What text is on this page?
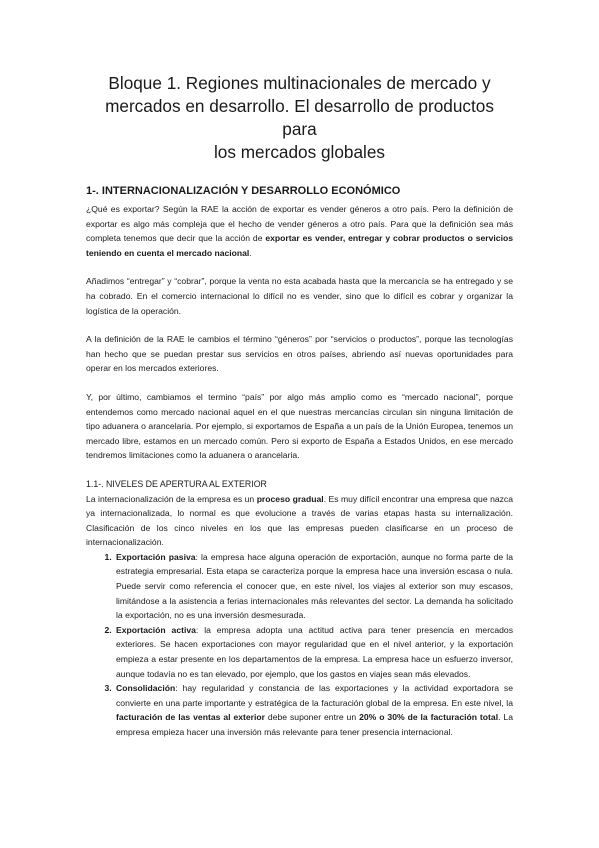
Bloque 1. Regiones multinacionales de mercado y
mercados en desarrollo. El desarrollo de productos para
los mercados globales
1-. INTERNACIONALIZACIÓN Y DESARROLLO ECONÓMICO

¿Qué es exportar? Según la RAE la acción de exportar es vender géneros a otro país. Pero la definición de exportar es algo más compleja que el hecho de vender géneros a otro país. Para que la definición sea más completa tenemos que decir que la acción de exportar es vender, entregar y cobrar productos o servicios teniendo en cuenta el mercado nacional.

Añadimos “entregar” y “cobrar”, porque la venta no esta acabada hasta que la mercancía se ha entregado y se ha cobrado. En el comercio internacional lo difícil no es vender, sino que lo difícil es cobrar y organizar la logística de la operación.

A la definición de la RAE le cambios el término “géneros” por “servicios o productos”, porque las tecnologías han hecho que se puedan prestar sus servicios en otros países, abriendo así nuevas oportunidades para operar en los mercados exteriores.

Y, por último, cambiamos el termino “país” por algo más amplio como es “mercado nacional”, porque entendemos como mercado nacional aquel en el que nuestras mercancías circulan sin ninguna limitación de tipo aduanera o arancelaria. Por ejemplo, si exportamos de España a un país de la Unión Europea, tenemos un mercado libre, estamos en un mercado común. Pero si exporto de España a Estados Unidos, en ese mercado tendremos limitaciones como la aduanera o arancelaria.

1.1-. NIVELES DE APERTURA AL EXTERIOR

La internacionalización de la empresa es un proceso gradual. Es muy difícil encontrar una empresa que nazca ya internacionalizada, lo normal es que evolucione a través de varias etapas hasta su internalización. Clasificación de los cinco niveles en los que las empresas pueden clasificarse en un proceso de internacionalización.

1. Exportación pasiva: la empresa hace alguna operación de exportación, aunque no forma parte de la estrategia empresarial. Esta etapa se caracteriza porque la empresa hace una inversión escasa o nula. Puede servir como referencia el conocer que, en este nivel, los viajes al exterior son muy escasos, limitándose a la asistencia a ferias internacionales más relevantes del sector. La demanda ha solicitado la exportación, no es una inversión desmesurada.
2. Exportación activa: la empresa adopta una actitud activa para tener presencia en mercados exteriores. Se hacen exportaciones con mayor regularidad que en el nivel anterior, y la exportación empieza a estar presente en los departamentos de la empresa. La empresa hace un esfuerzo inversor, aunque todavía no es tan elevado, por ejemplo, que los gastos en viajes sean más elevados.
3. Consolidación: hay regularidad y constancia de las exportaciones y la actividad exportadora se convierte en una parte importante y estratégica de la facturación global de la empresa. En este nivel, la facturación de las ventas al exterior debe suponer entre un 20% o 30% de la facturación total. La empresa empieza hacer una inversión más relevante para tener presencia internacional.
